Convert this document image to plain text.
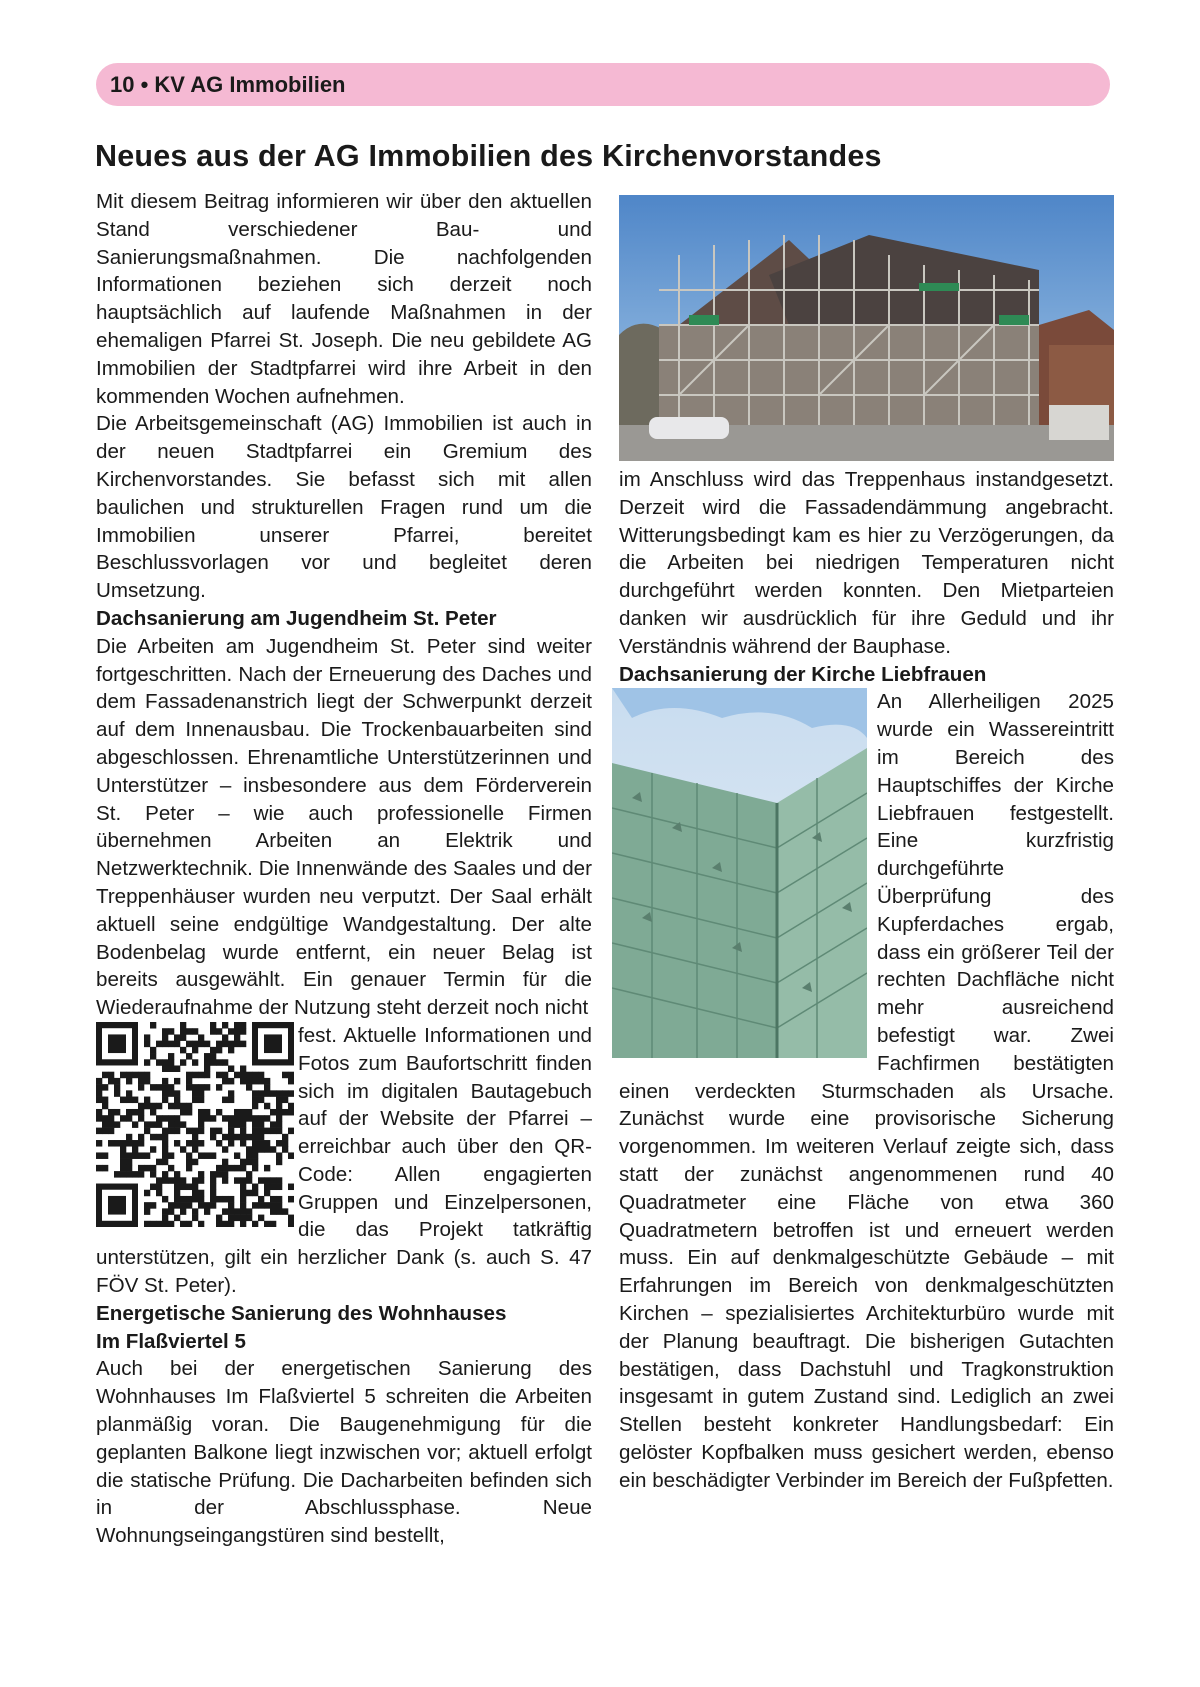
10 • KV AG Immobilien
Neues aus der AG Immobilien des Kirchenvorstandes

Mit diesem Beitrag informieren wir über den aktuellen Stand verschiedener Bau- und Sanierungsmaßnahmen. Die nachfolgenden Informationen beziehen sich derzeit noch hauptsächlich auf laufende Maßnahmen in der ehemaligen Pfarrei St. Joseph. Die neu gebildete AG Immobilien der Stadtpfarrei wird ihre Arbeit in den kommenden Wochen aufnehmen.

Die Arbeitsgemeinschaft (AG) Immobilien ist auch in der neuen Stadtpfarrei ein Gremium des Kirchenvorstandes. Sie befasst sich mit allen baulichen und strukturellen Fragen rund um die Immobilien unserer Pfarrei, bereitet Beschlussvorlagen vor und begleitet deren Umsetzung.

Dachsanierung am Jugendheim St. Peter

Die Arbeiten am Jugendheim St. Peter sind weiter fortgeschritten. Nach der Erneuerung des Daches und dem Fassadenanstrich liegt der Schwerpunkt derzeit auf dem Innenausbau. Die Trockenbauarbeiten sind abgeschlossen. Ehrenamtliche Unterstützerinnen und Unterstützer – insbesondere aus dem Förderverein St. Peter – wie auch professionelle Firmen übernehmen Arbeiten an Elektrik und Netzwerktechnik. Die Innenwände des Saales und der Treppenhäuser wurden neu verputzt. Der Saal erhält aktuell seine endgültige Wandgestaltung. Der alte Bodenbelag wurde entfernt, ein neuer Belag ist bereits ausgewählt. Ein genauer Termin für die Wiederaufnahme der Nutzung steht derzeit noch nicht

fest. Aktuelle Informationen und Fotos zum Baufortschritt finden sich im digitalen Bautagebuch auf der Website der Pfarrei – erreichbar auch über den QR-Code: Allen engagierten Gruppen und Einzelpersonen, die das Projekt tatkräftig unterstützen, gilt ein herzlicher Dank (s. auch S. 47 FÖV St. Peter).

Energetische Sanierung des Wohnhauses
Im Flaßviertel 5

Auch bei der energetischen Sanierung des Wohnhauses Im Flaßviertel 5 schreiten die Arbeiten planmäßig voran. Die Baugenehmigung für die geplanten Balkone liegt inzwischen vor; aktuell erfolgt die statische Prüfung. Die Dacharbeiten befinden sich in der Abschlussphase. Neue Wohnungseingangstüren sind bestellt,

im Anschluss wird das Treppenhaus instandgesetzt. Derzeit wird die Fassadendämmung angebracht. Witterungsbedingt kam es hier zu Verzögerungen, da die Arbeiten bei niedrigen Temperaturen nicht durchgeführt werden konnten. Den Mietparteien danken wir ausdrücklich für ihre Geduld und ihr Verständnis während der Bauphase.

Dachsanierung der Kirche Liebfrauen

An Allerheiligen 2025 wurde ein Wassereintritt im Bereich des Hauptschiffes der Kirche Liebfrauen festgestellt. Eine kurzfristig durchgeführte Überprüfung des Kupferdaches ergab, dass ein größerer Teil der rechten Dachfläche nicht mehr ausreichend befestigt war. Zwei Fachfirmen bestätigten einen verdeckten Sturmschaden als Ursache. Zunächst wurde eine provisorische Sicherung vorgenommen. Im weiteren Verlauf zeigte sich, dass statt der zunächst angenommenen rund 40 Quadratmeter eine Fläche von etwa 360 Quadratmetern betroffen ist und erneuert werden muss. Ein auf denkmalgeschützte Gebäude – mit Erfahrungen im Bereich von denkmalgeschützten Kirchen – spezialisiertes Architekturbüro wurde mit der Planung beauftragt. Die bisherigen Gutachten bestätigen, dass Dachstuhl und Tragkonstruktion insgesamt in gutem Zustand sind. Lediglich an zwei Stellen besteht konkreter Handlungsbedarf: Ein gelöster Kopfbalken muss gesichert werden, ebenso ein beschädigter Verbinder im Bereich der Fußpfetten.
